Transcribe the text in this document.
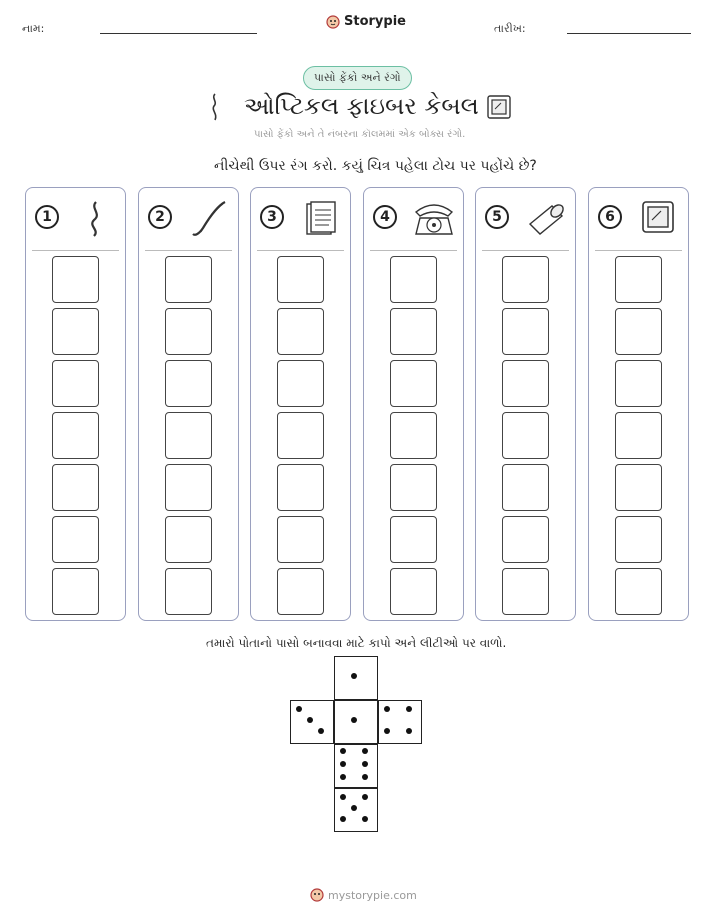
નામ:	Storypie	તારીખ:
પાસો ફેંકો અને રંગો
ઓપ્ટિકલ ફાઇબર કેબલ
પાસો ફેંકો અને તે નંબરના કૉલમમાં એક બોક્સ રંગો.
નીચેથી ઉપર રંગ કરો. કયું ચિત્ર પહેલા ટોચ પર પહોંચે છે?
1	2	3	4	5	6
તમારો પોતાનો પાસો બનાવવા માટે કાપો અને લીટીઓ પર વાળો.
mystorypie.com
